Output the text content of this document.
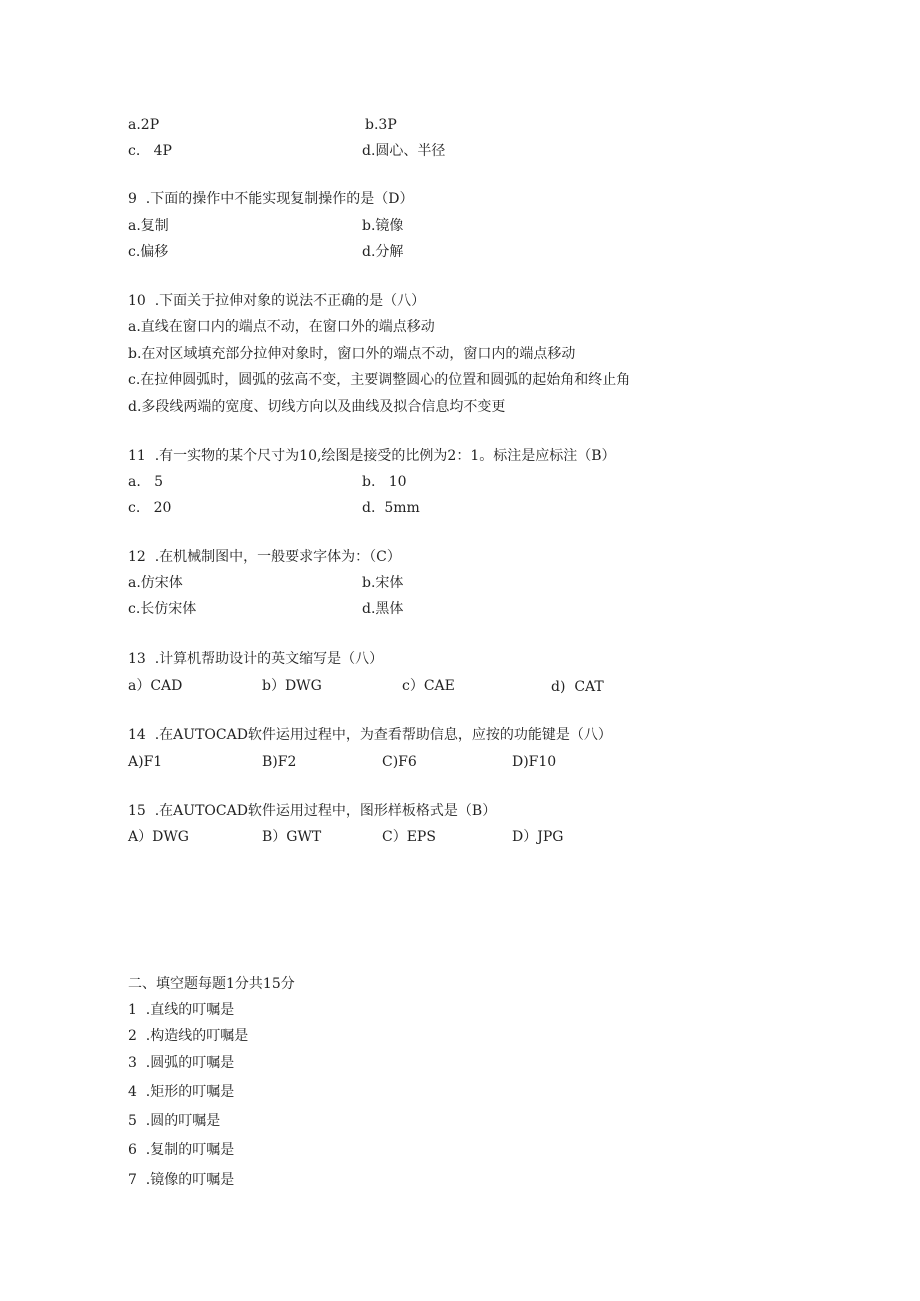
a.2P	b.3P
c.   4P	d.圆心、半径
9  .下面的操作中不能实现复制操作的是（D）
a.复制	b.镜像
c.偏移	d.分解
10  .下面关于拉伸对象的说法不正确的是（八）
a.直线在窗口内的端点不动，在窗口外的端点移动
b.在对区域填充部分拉伸对象时，窗口外的端点不动，窗口内的端点移动
c.在拉伸圆弧时，圆弧的弦高不变，主要调整圆心的位置和圆弧的起始角和终止角
d.多段线两端的宽度、切线方向以及曲线及拟合信息均不变更
11  .有一实物的某个尺寸为10,绘图是接受的比例为2：1。标注是应标注（B）
a.   5	b.   10
c.   20	d.  5mm
12  .在机械制图中，一般要求字体为：（C）
a.仿宋体	b.宋体
c.长仿宋体	d.黑体
13  .计算机帮助设计的英文缩写是（八）
a）CAD	b）DWG	c）CAE	d)  CAT
14  .在AUTOCAD软件运用过程中，为查看帮助信息，应按的功能键是（八）
A)F1	B)F2	C)F6	D)F10
15  .在AUTOCAD软件运用过程中，图形样板格式是（B）
A）DWG	B）GWT	C）EPS	D）JPG
二、填空题每题1分共15分
1  .直线的叮嘱是
2  .构造线的叮嘱是
3  .圆弧的叮嘱是
4  .矩形的叮嘱是
5  .圆的叮嘱是
6  .复制的叮嘱是
7  .镜像的叮嘱是
